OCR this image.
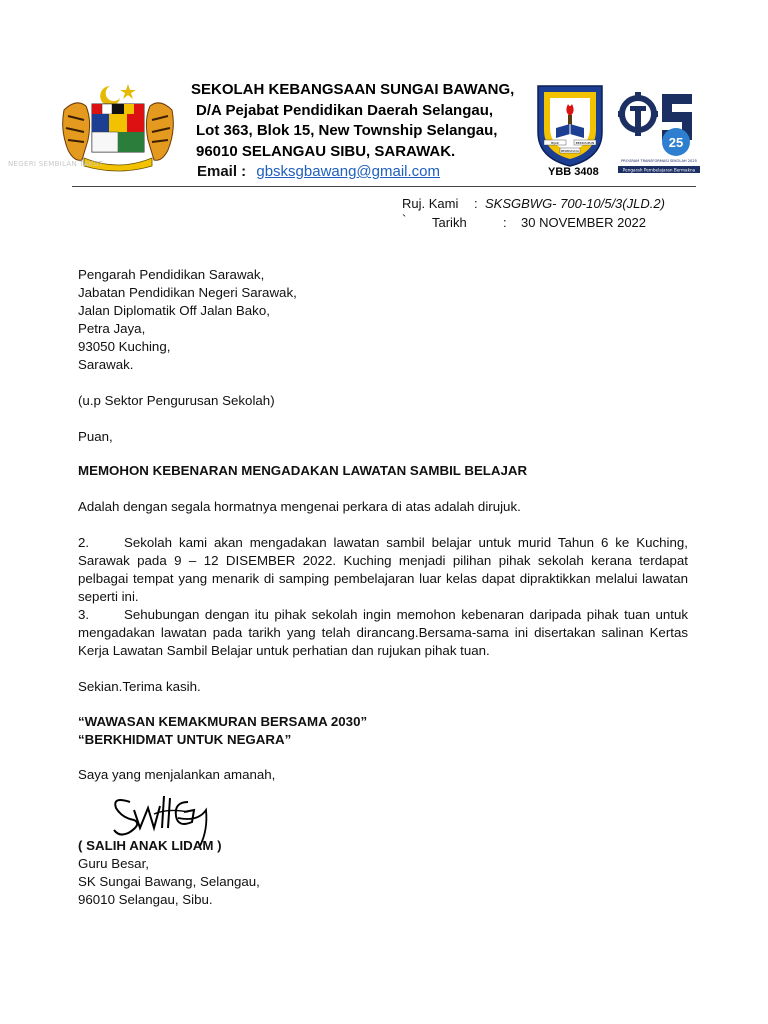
NEGERI SEMBILAN TAKUT
SEKOLAH KEBANGSAAN SUNGAI BAWANG,
D/A Pejabat Pendidikan Daerah Selangau,
Lot 363, Blok 15, New Township Selangau,
96010 SELANGAU SIBU, SARAWAK.
Email : gbsksgbawang@gmail.com
BIJAK	BERDISIPLIN
BERBUDAYA
YBB 3408
25
PROGRAM TRANSFORMASI SEKOLAH 2025
Pengarah Pembelajaran Bermakna
Ruj. Kami : SKSGBWG- 700-10/5/3(JLD.2)
` Tarikh	: 30 NOVEMBER 2022
Pengarah Pendidikan Sarawak,
Jabatan Pendidikan Negeri Sarawak,
Jalan Diplomatik Off Jalan Bako,
Petra Jaya,
93050 Kuching,
Sarawak.
(u.p Sektor Pengurusan Sekolah)
Puan,
MEMOHON KEBENARAN MENGADAKAN LAWATAN SAMBIL BELAJAR
Adalah dengan segala hormatnya mengenai perkara di atas adalah dirujuk.
2.	Sekolah kami akan mengadakan lawatan sambil belajar untuk murid Tahun 6 ke Kuching, Sarawak pada 9 – 12 DISEMBER 2022. Kuching menjadi pilihan pihak sekolah kerana terdapat pelbagai tempat yang menarik di samping pembelajaran luar kelas dapat dipraktikkan melalui lawatan seperti ini.
3.	Sehubungan dengan itu pihak sekolah ingin memohon kebenaran daripada pihak tuan untuk mengadakan lawatan pada tarikh yang telah dirancang.Bersama-sama ini disertakan salinan Kertas Kerja Lawatan Sambil Belajar untuk perhatian dan rujukan pihak tuan.
Sekian.Terima kasih.
“WAWASAN KEMAKMURAN BERSAMA 2030”
“BERKHIDMAT UNTUK NEGARA”
Saya yang menjalankan amanah,
( SALIH ANAK LIDAM )
Guru Besar,
SK Sungai Bawang, Selangau,
96010 Selangau, Sibu.
